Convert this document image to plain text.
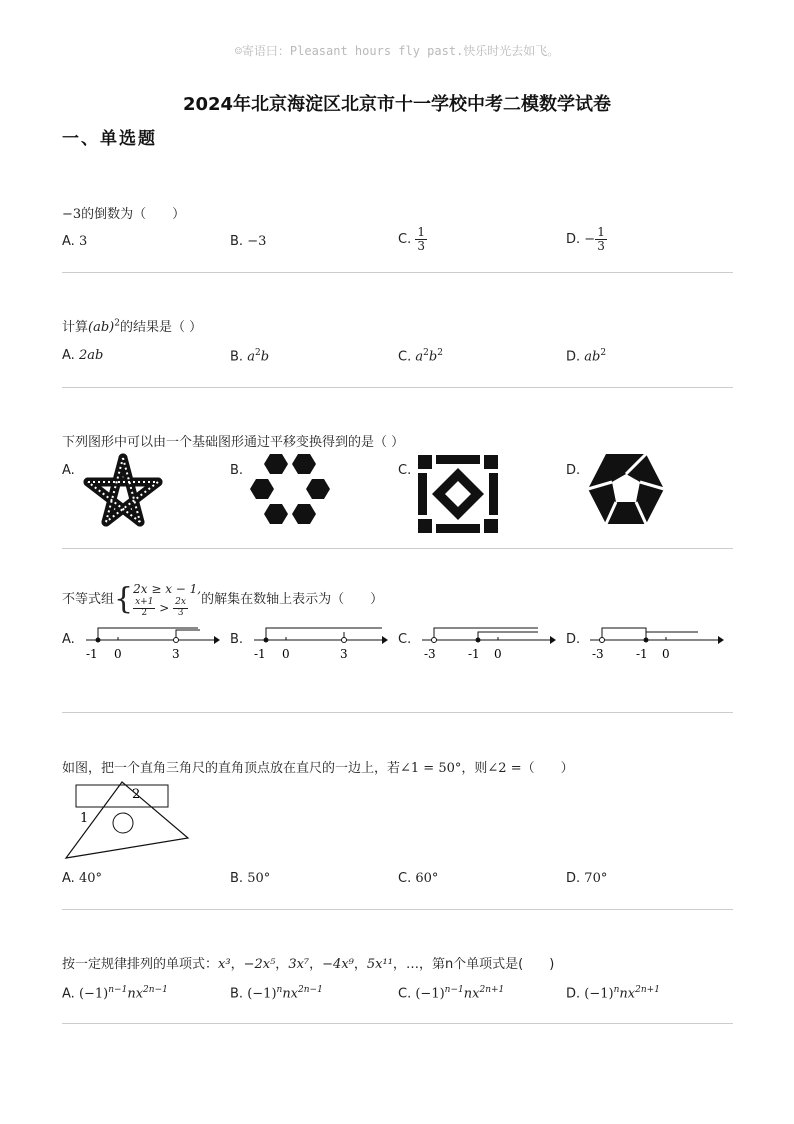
☺寄语曰：Pleasant hours fly past.快乐时光去如飞。
2024年北京海淀区北京市十一学校中考二模数学试卷
一、单选题
−3的倒数为（　　）
A. 3	B. −3	C. $\frac{1}{3}$	D. − $\frac{1}{3}$
计算(ab)$^2$的结果是（ ）
A. 2ab	B. $a^2b$	C. $a^2b^2$	D. $ab^2$
下列图形中可以由一个基础图形通过平移变换得到的是（ ）
A.	B.	C.	D.
不等式组{ 2x ≥ x − 1,
$\frac{x+1}{2} > \frac{2x}{3}$ 的解集在数轴上表示为（　　）
A.
-1 0	3
B.
-1 0	3
C.
-3	-1 0
D.
-3	-1 0
如图，把一个直角三角尺的直角顶点放在直尺的一边上，若∠1 = 50°，则∠2 =（　　）
2
1
A. 40°	B. 50°	C. 60°	D. 70°
按一定规律排列的单项式：x³，−2x⁵，3x⁷，−4x⁹，5x¹¹，…，第n个单项式是(　　)
A. $(-1)^{n-1}nx^{2n-1}$	B. $(-1)^nnx^{2n-1}$	C. $(-1)^{n-1}nx^{2n+1}$	D. $(-1)^nnx^{2n+1}$
